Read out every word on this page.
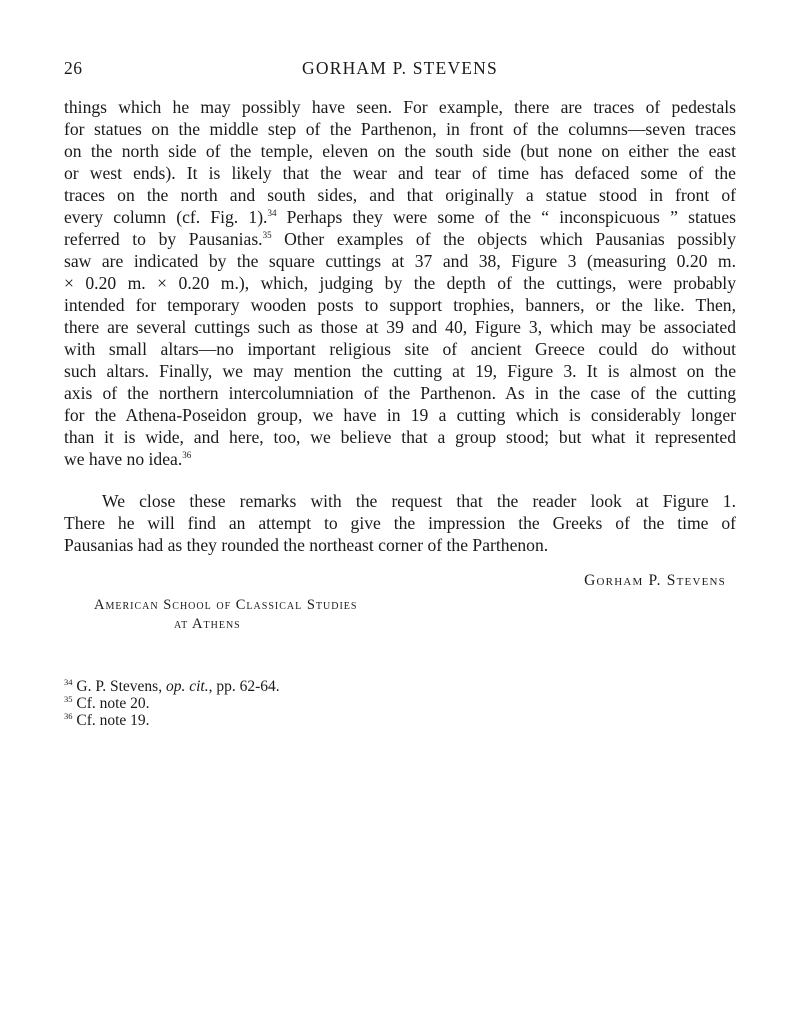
26	GORHAM P. STEVENS
things which he may possibly have seen. For example, there are traces of pedestals
for statues on the middle step of the Parthenon, in front of the columns—seven traces
on the north side of the temple, eleven on the south side (but none on either the east
or west ends). It is likely that the wear and tear of time has defaced some of the
traces on the north and south sides, and that originally a statue stood in front of
every column (cf. Fig. 1).$^{34}$ Perhaps they were some of the “ inconspicuous ” statues
referred to by Pausanias.$^{35}$ Other examples of the objects which Pausanias possibly
saw are indicated by the square cuttings at 37 and 38, Figure 3 (measuring 0.20 m.
× 0.20 m. × 0.20 m.), which, judging by the depth of the cuttings, were probably
intended for temporary wooden posts to support trophies, banners, or the like. Then,
there are several cuttings such as those at 39 and 40, Figure 3, which may be associated
with small altars—no important religious site of ancient Greece could do without
such altars. Finally, we may mention the cutting at 19, Figure 3. It is almost on the
axis of the northern intercolumniation of the Parthenon. As in the case of the cutting
for the Athena-Poseidon group, we have in 19 a cutting which is considerably longer
than it is wide, and here, too, we believe that a group stood; but what it represented
we have no idea.$^{36}$
We close these remarks with the request that the reader look at Figure 1.
There he will find an attempt to give the impression the Greeks of the time of
Pausanias had as they rounded the northeast corner of the Parthenon.
Gorham P. Stevens
American School of Classical Studies
at Athens
$^{34}$ G. P. Stevens, op. cit., pp. 62-64.
$^{35}$ Cf. note 20.
$^{36}$ Cf. note 19.
